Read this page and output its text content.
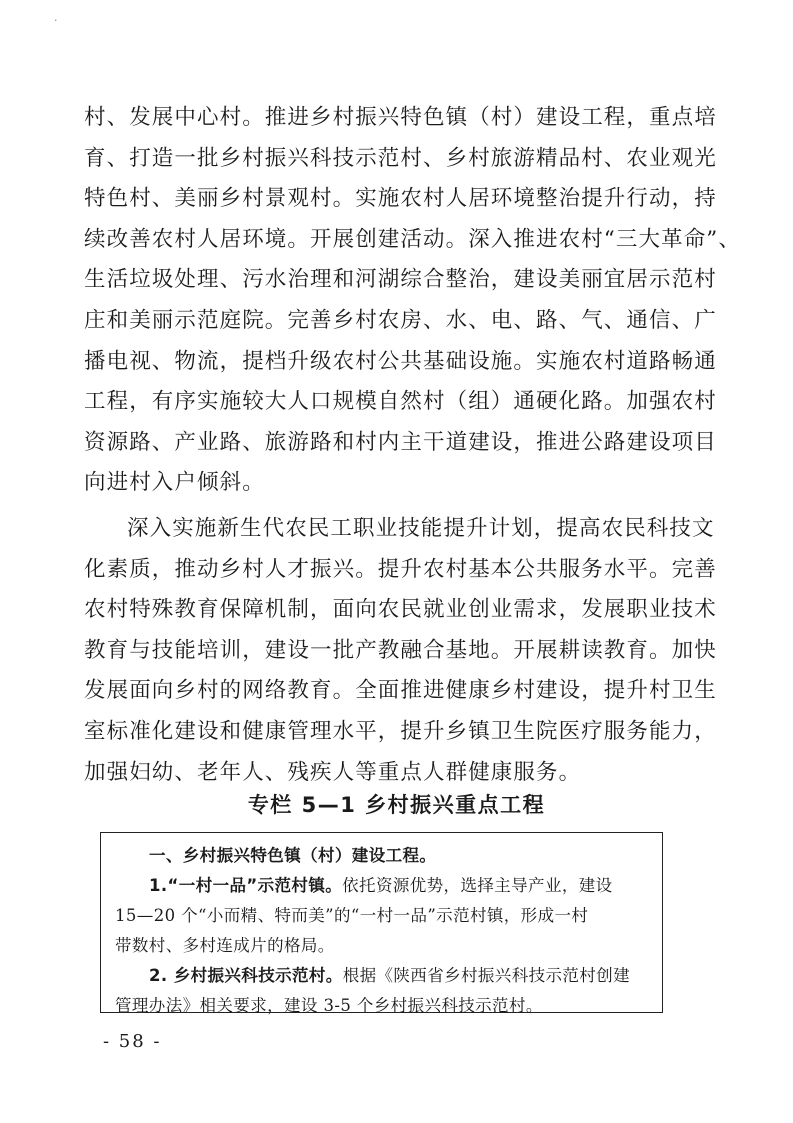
·
村、发展中心村。推进乡村振兴特色镇（村）建设工程，重点培
育、打造一批乡村振兴科技示范村、乡村旅游精品村、农业观光
特色村、美丽乡村景观村。实施农村人居环境整治提升行动，持
续改善农村人居环境。开展创建活动。深入推进农村“三大革命”、
生活垃圾处理、污水治理和河湖综合整治，建设美丽宜居示范村
庄和美丽示范庭院。完善乡村农房、水、电、路、气、通信、广
播电视、物流，提档升级农村公共基础设施。实施农村道路畅通
工程，有序实施较大人口规模自然村（组）通硬化路。加强农村
资源路、产业路、旅游路和村内主干道建设，推进公路建设项目
向进村入户倾斜。
深入实施新生代农民工职业技能提升计划，提高农民科技文
化素质，推动乡村人才振兴。提升农村基本公共服务水平。完善
农村特殊教育保障机制，面向农民就业创业需求，发展职业技术
教育与技能培训，建设一批产教融合基地。开展耕读教育。加快
发展面向乡村的网络教育。全面推进健康乡村建设，提升村卫生
室标准化建设和健康管理水平，提升乡镇卫生院医疗服务能力，
加强妇幼、老年人、残疾人等重点人群健康服务。
专栏 5—1 乡村振兴重点工程
一、乡村振兴特色镇（村）建设工程。
1.“一村一品”示范村镇。依托资源优势，选择主导产业，建设
15—20 个“小而精、特而美”的“一村一品”示范村镇，形成一村
带数村、多村连成片的格局。
2. 乡村振兴科技示范村。根据《陕西省乡村振兴科技示范村创建
管理办法》相关要求，建设 3-5 个乡村振兴科技示范村。
- 58 -
